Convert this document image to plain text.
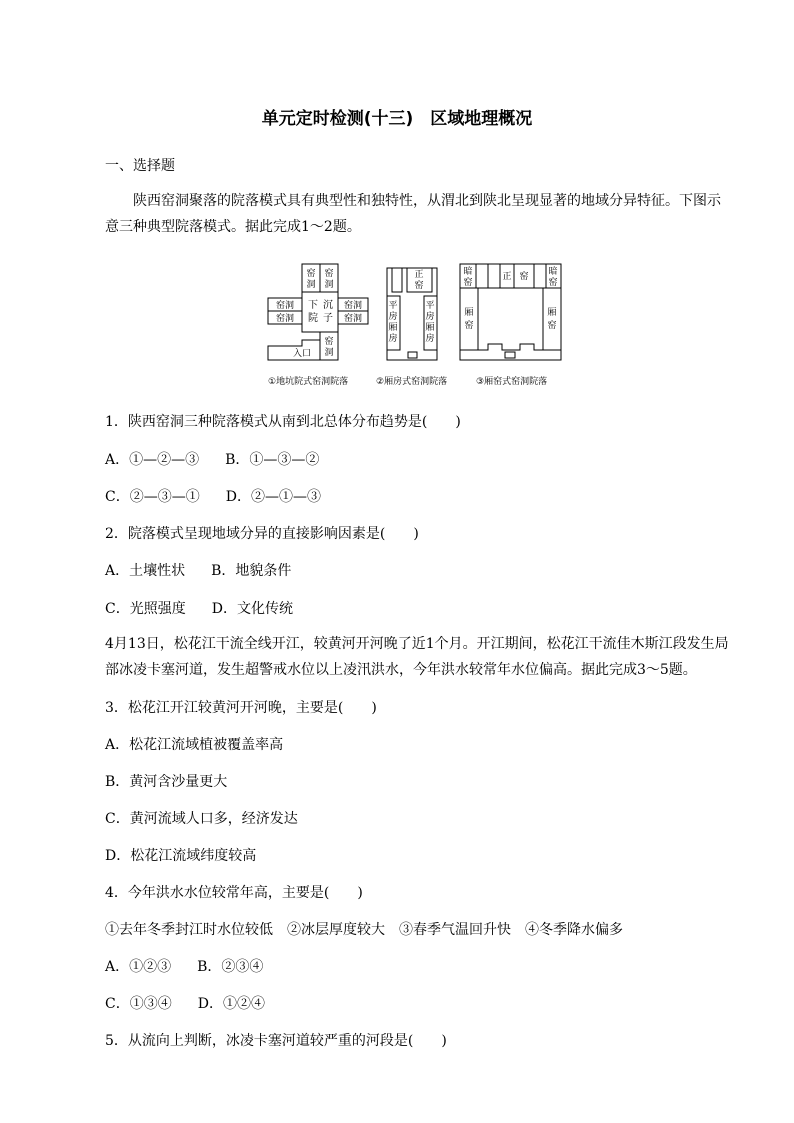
单元定时检测(十三)　区域地理概况
一、选择题
陕西窑洞聚落的院落模式具有典型性和独特性，从渭北到陕北呈现显著的地域分异特征。下图示意三种典型院落模式。据此完成1～2题。
窑洞
窑洞
窑洞
窑洞
窑洞
窑洞
下院
沉子
窑洞
入口
正窑
平房厢房
平房厢房
暗窑
正 窑 暗窑
厢窑
厢窑
①地坑院式窑洞院落	②厢房式窑洞院落	③厢窑式窑洞院落
1．陕西窑洞三种院落模式从南到北总体分布趋势是(　　)
A．①—②—③ B．①—③—②
C．②—③—① D．②—①—③
2．院落模式呈现地域分异的直接影响因素是(　　)
A．土壤性状 B．地貌条件
C．光照强度 D．文化传统
4月13日，松花江干流全线开江，较黄河开河晚了近1个月。开江期间，松花江干流佳木斯江段发生局部冰凌卡塞河道，发生超警戒水位以上凌汛洪水，今年洪水较常年水位偏高。据此完成3～5题。
3．松花江开江较黄河开河晚，主要是(　　)
A．松花江流域植被覆盖率高
B．黄河含沙量更大
C．黄河流域人口多，经济发达
D．松花江流域纬度较高
4．今年洪水水位较常年高，主要是(　　)
①去年冬季封江时水位较低　②冰层厚度较大　③春季气温回升快　④冬季降水偏多
A．①②③ B．②③④
C．①③④ D．①②④
5．从流向上判断，冰凌卡塞河道较严重的河段是(　　)
